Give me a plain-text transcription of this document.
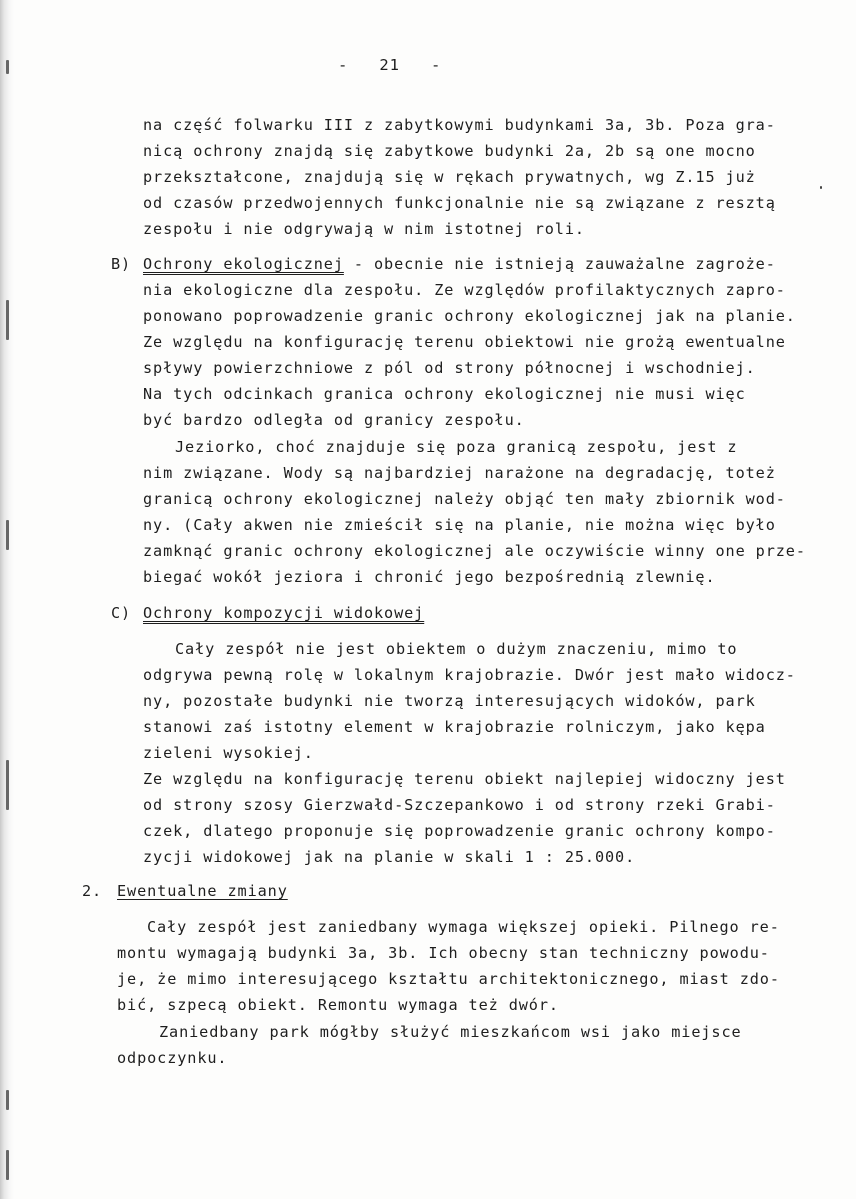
-   21   -
na część folwarku III z zabytkowymi budynkami 3a, 3b. Poza gra-
nicą ochrony znajdą się zabytkowe budynki 2a, 2b są one mocno
przekształcone, znajdują się w rękach prywatnych, wg Z.15 już
od czasów przedwojennych funkcjonalnie nie są związane z resztą
zespołu i nie odgrywają w nim istotnej roli.
B) Ochrony ekologicznej - obecnie nie istnieją zauważalne zagroże-
nia ekologiczne dla zespołu. Ze względów profilaktycznych zapro-
ponowano poprowadzenie granic ochrony ekologicznej jak na planie.
Ze względu na konfigurację terenu obiektowi nie grożą ewentualne
spływy powierzchniowe z pól od strony północnej i wschodniej.
Na tych odcinkach granica ochrony ekologicznej nie musi więc
być bardzo odległa od granicy zespołu.
Jeziorko, choć znajduje się poza granicą zespołu, jest z
nim związane. Wody są najbardziej narażone na degradację, toteż
granicą ochrony ekologicznej należy objąć ten mały zbiornik wod-
ny. (Cały akwen nie zmieścił się na planie, nie można więc było
zamknąć granic ochrony ekologicznej ale oczywiście winny one prze-
biegać wokół jeziora i chronić jego bezpośrednią zlewnię.
C) Ochrony kompozycji widokowej
Cały zespół nie jest obiektem o dużym znaczeniu, mimo to
odgrywa pewną rolę w lokalnym krajobrazie. Dwór jest mało widocz-
ny, pozostałe budynki nie tworzą interesujących widoków, park
stanowi zaś istotny element w krajobrazie rolniczym, jako kępa
zieleni wysokiej.
Ze względu na konfigurację terenu obiekt najlepiej widoczny jest
od strony szosy Gierzwałd-Szczepankowo i od strony rzeki Grabi-
czek, dlatego proponuje się poprowadzenie granic ochrony kompo-
zycji widokowej jak na planie w skali 1 : 25.000.
2. Ewentualne zmiany
Cały zespół jest zaniedbany wymaga większej opieki. Pilnego re-
montu wymagają budynki 3a, 3b. Ich obecny stan techniczny powodu-
je, że mimo interesującego kształtu architektonicznego, miast zdo-
bić, szpecą obiekt. Remontu wymaga też dwór.
Zaniedbany park mógłby służyć mieszkańcom wsi jako miejsce
odpoczynku.
